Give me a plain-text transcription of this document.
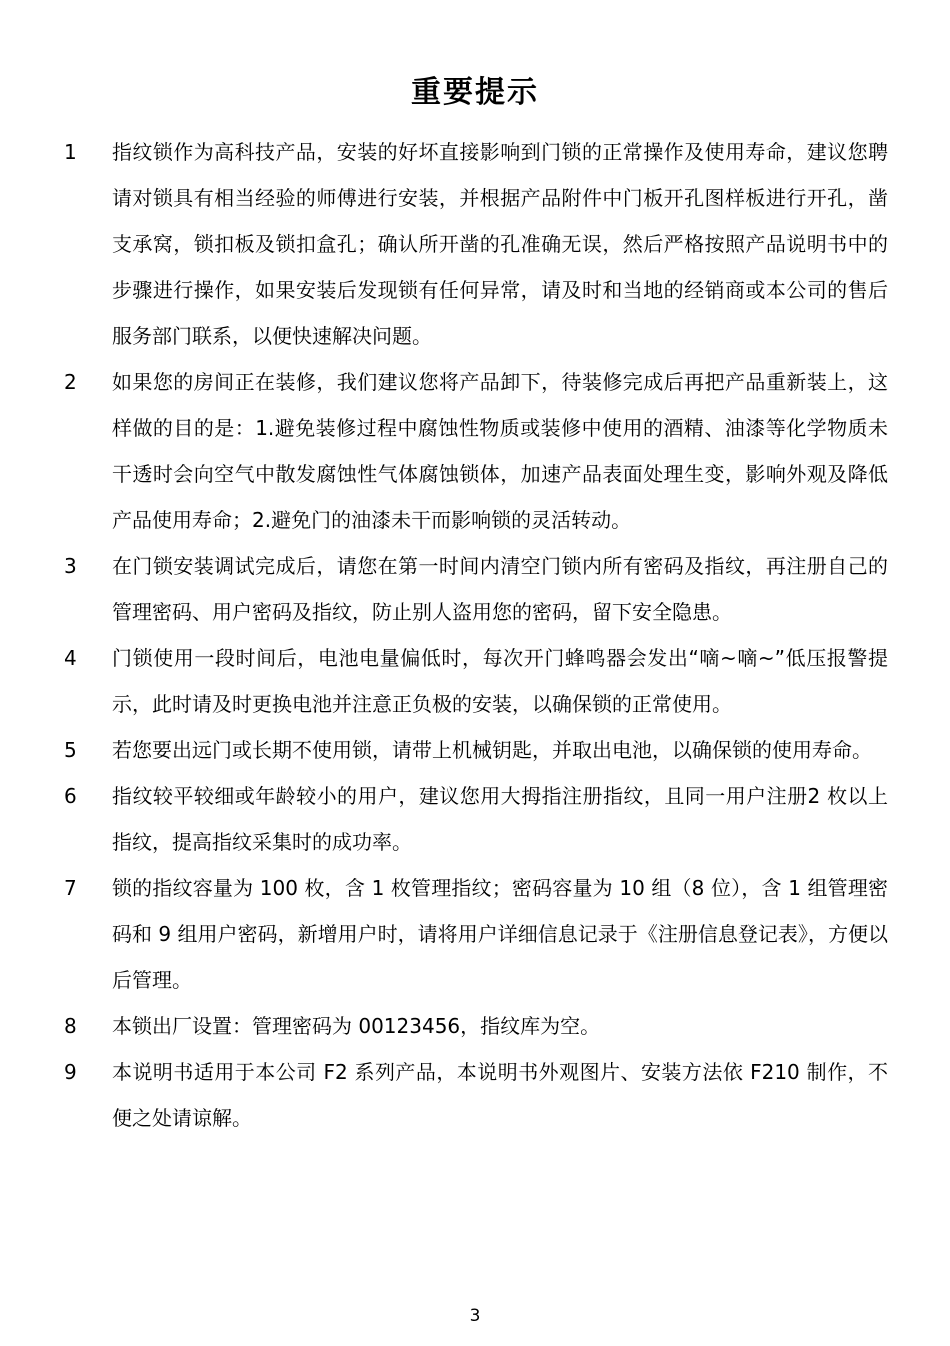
重要提示
1	指纹锁作为高科技产品，安装的好坏直接影响到门锁的正常操作及使用寿命，建议您聘请对锁具有相当经验的师傅进行安装，并根据产品附件中门板开孔图样板进行开孔，凿支承窝，锁扣板及锁扣盒孔；确认所开凿的孔准确无误，然后严格按照产品说明书中的步骤进行操作，如果安装后发现锁有任何异常，请及时和当地的经销商或本公司的售后服务部门联系，以便快速解决问题。
2	如果您的房间正在装修，我们建议您将产品卸下，待装修完成后再把产品重新装上，这样做的目的是：1.避免装修过程中腐蚀性物质或装修中使用的酒精、油漆等化学物质未干透时会向空气中散发腐蚀性气体腐蚀锁体，加速产品表面处理生变，影响外观及降低产品使用寿命；2.避免门的油漆未干而影响锁的灵活转动。
3	在门锁安装调试完成后，请您在第一时间内清空门锁内所有密码及指纹，再注册自己的管理密码、用户密码及指纹，防止别人盗用您的密码，留下安全隐患。
4	门锁使用一段时间后，电池电量偏低时，每次开门蜂鸣器会发出“嘀~嘀~”低压报警提示，此时请及时更换电池并注意正负极的安装，以确保锁的正常使用。
5	若您要出远门或长期不使用锁，请带上机械钥匙，并取出电池，以确保锁的使用寿命。
6	指纹较平较细或年龄较小的用户，建议您用大拇指注册指纹，且同一用户注册2 枚以上指纹，提高指纹采集时的成功率。
7	锁的指纹容量为 100 枚，含 1 枚管理指纹；密码容量为 10 组（8 位），含 1 组管理密码和 9 组用户密码，新增用户时，请将用户详细信息记录于《注册信息登记表》，方便以后管理。
8	本锁出厂设置：管理密码为 00123456，指纹库为空。
9	本说明书适用于本公司 F2 系列产品，本说明书外观图片、安装方法依 F210 制作，不便之处请谅解。
3
